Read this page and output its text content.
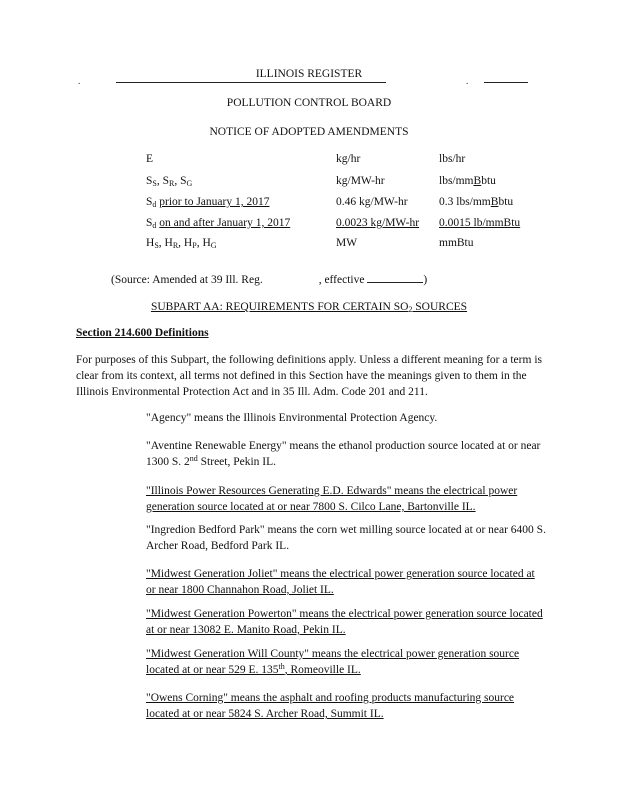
.
ILLINOIS REGISTER
.
POLLUTION CONTROL BOARD
NOTICE OF ADOPTED AMENDMENTS
E	kg/hr	lbs/hr
$S_S$, $S_R$, $S_G$	kg/MW-hr	lbs/mmBbtu
$S_d$ prior to January 1, 2017	0.46 kg/MW-hr	0.3 lbs/mmBbtu
$S_d$ on and after January 1, 2017	0.0023 kg/MW-hr 0.0015 lb/mmBtu
$H_S$, $H_R$, $H_P$, $H_G$	MW	mmBtu
(Source: Amended at 39 Ill. Reg.	, effective	)
SUBPART AA: REQUIREMENTS FOR CERTAIN $SO_2$ SOURCES
Section 214.600 Definitions
For purposes of this Subpart, the following definitions apply. Unless a different meaning for a term is clear from its context, all terms not defined in this Section have the meanings given to them in the Illinois Environmental Protection Act and in 35 Ill. Adm. Code 201 and 211.
"Agency" means the Illinois Environmental Protection Agency.
"Aventine Renewable Energy" means the ethanol production source located at or near 1300 S. 2nd Street, Pekin IL.
"Illinois Power Resources Generating E.D. Edwards" means the electrical power generation source located at or near 7800 S. Cilco Lane, Bartonville IL.
"Ingredion Bedford Park" means the corn wet milling source located at or near 6400 S. Archer Road, Bedford Park IL.
"Midwest Generation Joliet" means the electrical power generation source located at or near 1800 Channahon Road, Joliet IL.
"Midwest Generation Powerton" means the electrical power generation source located at or near 13082 E. Manito Road, Pekin IL.
"Midwest Generation Will County" means the electrical power generation source located at or near 529 E. 135th, Romeoville IL.
"Owens Corning" means the asphalt and roofing products manufacturing source located at or near 5824 S. Archer Road, Summit IL.
